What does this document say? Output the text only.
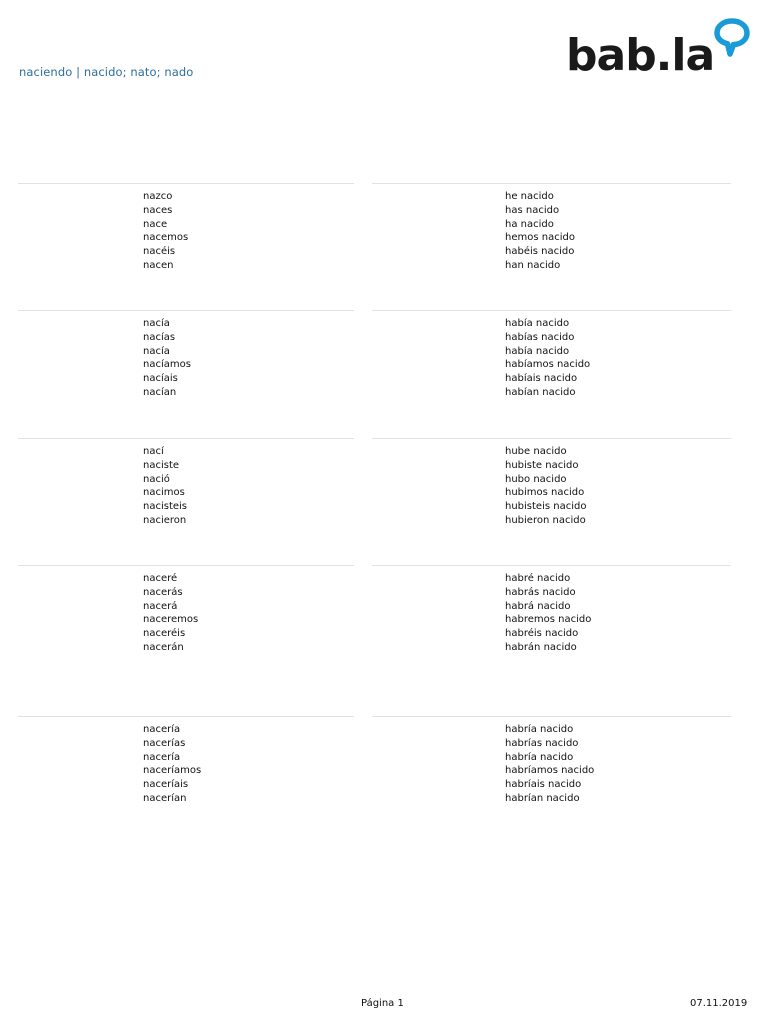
naciendo | nacido; nato; nado	bab.la
nazco
naces
nace
nacemos
nacéis
nacen
he nacido
has nacido
ha nacido
hemos nacido
habéis nacido
han nacido
nacía
nacías
nacía
nacíamos
nacíais
nacían
había nacido
habías nacido
había nacido
habíamos nacido
habíais nacido
habían nacido
nací
naciste
nació
nacimos
nacisteis
nacieron
hube nacido
hubiste nacido
hubo nacido
hubimos nacido
hubisteis nacido
hubieron nacido
naceré
nacerás
nacerá
naceremos
naceréis
nacerán
habré nacido
habrás nacido
habrá nacido
habremos nacido
habréis nacido
habrán nacido
nacería
nacerías
nacería
naceríamos
naceríais
nacerían
habría nacido
habrías nacido
habría nacido
habríamos nacido
habríais nacido
habrían nacido
Página 1	07.11.2019
